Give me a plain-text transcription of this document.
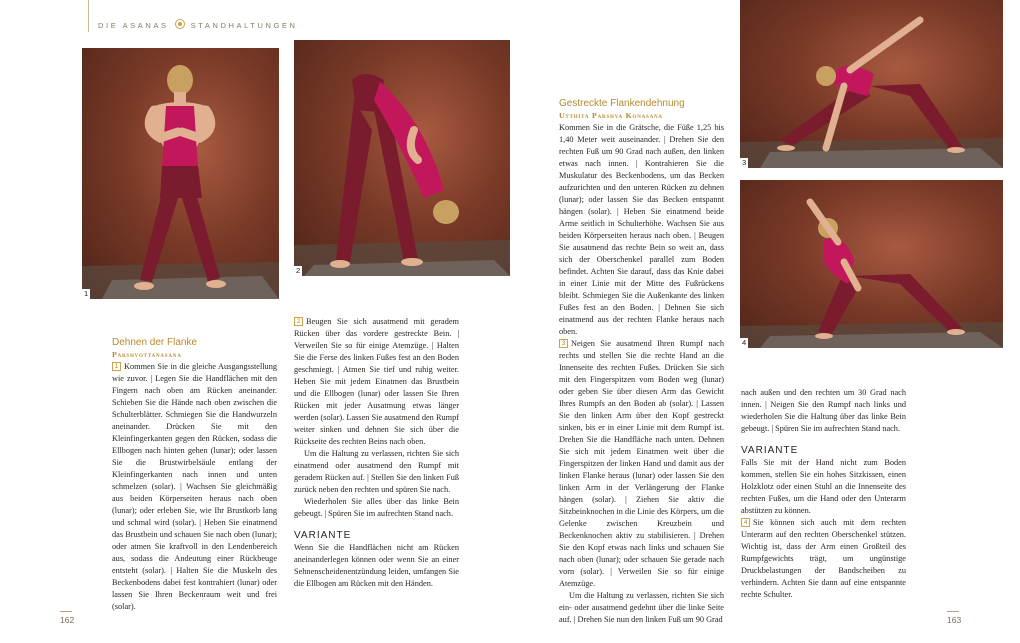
DIE ASANAS	STANDHALTUNGEN
1
2
3
4
Dehnen der Flanke
Parshvottanasana

1 Kommen Sie in die gleiche Ausgangsstellung wie zuvor. | Legen Sie die Handflächen mit den Fingern nach oben am Rücken aneinander. Schieben Sie die Hände nach oben zwischen die Schulterblätter. Schmiegen Sie die Handwurzeln aneinander. Drücken Sie mit den Kleinfingerkanten gegen den Rücken, sodass die Ellbogen nach hinten gehen (lunar); oder lassen Sie die Brustwirbelsäule entlang der Kleinfingerkanten nach innen und unten schmelzen (solar). | Wachsen Sie gleichmäßig aus beiden Körperseiten heraus nach oben (lunar); oder erleben Sie, wie Ihr Brustkorb lang und schmal wird (solar). | Heben Sie einatmend das Brustbein und schauen Sie nach oben (lunar); oder atmen Sie kraftvoll in den Lendenbereich aus, sodass die Andeutung einer Rückbeuge entsteht (solar). | Halten Sie die Muskeln des Beckenbodens dabei fest kontrahiert (lunar) oder lassen Sie Ihren Beckenraum weit und frei (solar).

2 Beugen Sie sich ausatmend mit geradem Rücken über das vordere gestreckte Bein. | Verweilen Sie so für einige Atemzüge. | Halten Sie die Ferse des linken Fußes fest an den Boden geschmiegt. | Atmen Sie tief und ruhig weiter. Heben Sie mit jedem Einatmen das Brustbein und die Ellbogen (lunar) oder lassen Sie Ihren Rücken mit jeder Ausatmung etwas länger werden (solar). Lassen Sie ausatmend den Rumpf weiter sinken und dehnen Sie sich über die Rückseite des rechten Beins nach oben.

Um die Haltung zu verlassen, richten Sie sich einatmend oder ausatmend den Rumpf mit geradem Rücken auf. | Stellen Sie den linken Fuß zurück neben den rechten und spüren Sie nach.

Wiederholen Sie alles über das linke Bein gebeugt. | Spüren Sie im aufrechten Stand nach.

VARIANTE

Wenn Sie die Handflächen nicht am Rücken aneinanderlegen können oder wenn Sie an einer Sehnenscheidenentzündung leiden, umfangen Sie die Ellbogen am Rücken mit den Händen.

Gestreckte Flankendehnung
Utthita Parshva Konasana

Kommen Sie in die Grätsche, die Füße 1,25 bis 1,40 Meter weit auseinander. | Drehen Sie den rechten Fuß um 90 Grad nach außen, den linken etwas nach innen. | Kontrahieren Sie die Muskulatur des Beckenbodens, um das Becken aufzurichten und den unteren Rücken zu dehnen (lunar); oder lassen Sie das Becken entspannt hängen (solar). | Heben Sie einatmend beide Arme seitlich in Schulterhöhe. Wachsen Sie aus beiden Körperseiten heraus nach oben. | Beugen Sie ausatmend das rechte Bein so weit an, dass sich der Oberschenkel parallel zum Boden befindet. Achten Sie darauf, dass das Knie dabei in einer Linie mit der Mitte des Fußrückens bleibt. Schmiegen Sie die Außenkante des linken Fußes fest an den Boden. | Dehnen Sie sich einatmend aus der rechten Flanke heraus nach oben.

3 Neigen Sie ausatmend Ihren Rumpf nach rechts und stellen Sie die rechte Hand an die Innenseite des rechten Fußes. Drücken Sie sich mit den Fingerspitzen vom Boden weg (lunar) oder geben Sie über diesen Arm das Gewicht Ihres Rumpfs an den Boden ab (solar). | Lassen Sie den linken Arm über den Kopf gestreckt sinken, bis er in einer Linie mit dem Rumpf ist. Drehen Sie die Handfläche nach unten. Dehnen Sie sich mit jedem Einatmen weit über die Fingerspitzen der linken Hand und damit aus der linken Flanke heraus (lunar) oder lassen Sie den linken Arm in der Verlängerung der Flanke hängen (solar). | Ziehen Sie aktiv die Sitzbeinknochen in die Linie des Körpers, um die Gelenke zwischen Kreuzbein und Beckenknochen aktiv zu stabilisieren. | Drehen Sie den Kopf etwas nach links und schauen Sie nach oben (lunar); oder schauen Sie gerade nach vorn (solar). | Verweilen Sie so für einige Atemzüge.

Um die Haltung zu verlassen, richten Sie sich ein- oder ausatmend gedehnt über die linke Seite auf. | Drehen Sie nun den linken Fuß um 90 Grad

nach außen und den rechten um 30 Grad nach innen. | Neigen Sie den Rumpf nach links und wiederholen Sie die Haltung über das linke Bein gebeugt. | Spüren Sie im aufrechten Stand nach.

VARIANTE

Falls Sie mit der Hand nicht zum Boden kommen, stellen Sie ein hohes Sitzkissen, einen Holzklotz oder einen Stuhl an die Innenseite des rechten Fußes, um die Hand oder den Unterarm abstützen zu können.

4 Sie können sich auch mit dem rechten Unterarm auf den rechten Oberschenkel stützen. Wichtig ist, dass der Arm einen Großteil des Rumpfgewichts trägt, um ungünstige Druckbelastungen der Bandscheiben zu verhindern. Achten Sie dann auf eine entspannte rechte Schulter.

162	163
